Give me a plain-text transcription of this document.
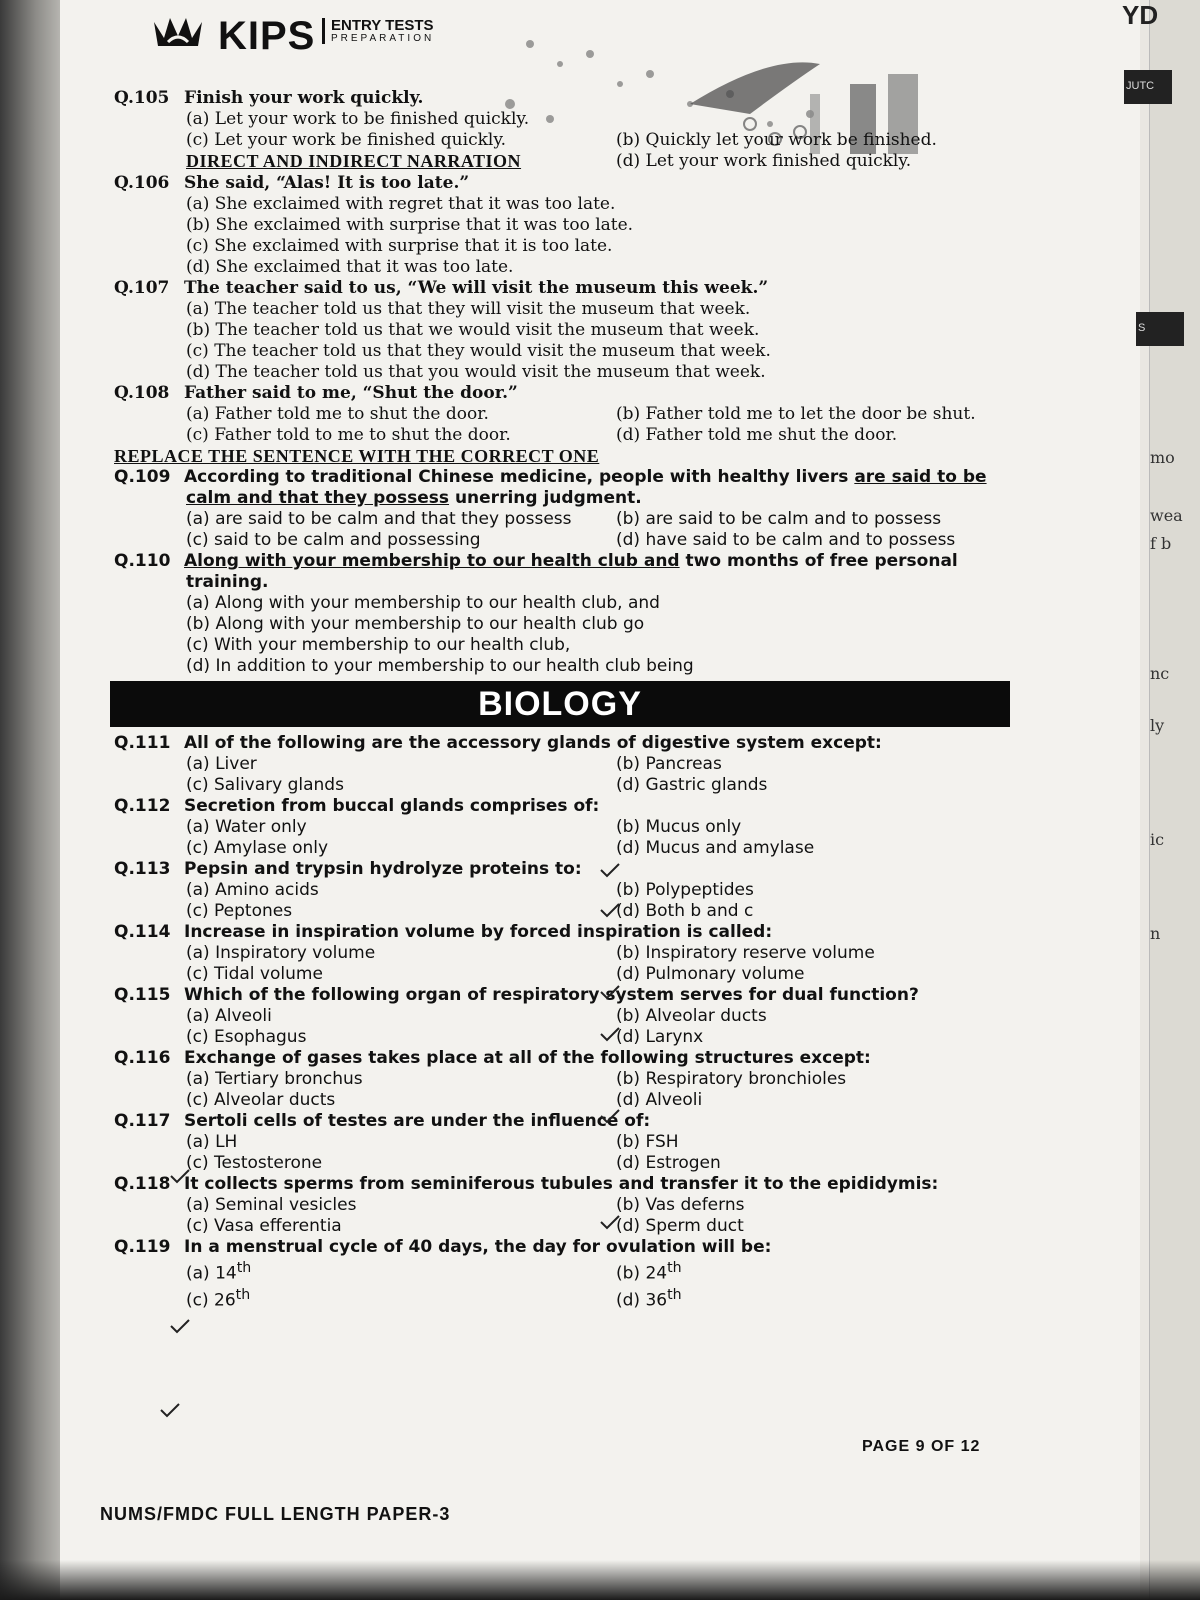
YD
JUTC
S
mo
wea
f b
nc
ly
ic
n
KIPS ENTRY TESTS
PREPARATION
Q.105 Finish your work quickly.
(a) Let your work to be finished quickly.
(c) Let your work be finished quickly.	(b) Quickly let your work be finished.
DIRECT AND INDIRECT NARRATION	(d) Let your work finished quickly.
Q.106 She said, “Alas! It is too late.”
(a) She exclaimed with regret that it was too late.
(b) She exclaimed with surprise that it was too late.
(c) She exclaimed with surprise that it is too late.
(d) She exclaimed that it was too late.
Q.107 The teacher said to us, “We will visit the museum this week.”
(a) The teacher told us that they will visit the museum that week.
(b) The teacher told us that we would visit the museum that week.
(c) The teacher told us that they would visit the museum that week.
(d) The teacher told us that you would visit the museum that week.
Q.108 Father said to me, “Shut the door.”
(a) Father told me to shut the door.	(b) Father told me to let the door be shut.
(c) Father told to me to shut the door.	(d) Father told me shut the door.
REPLACE THE SENTENCE WITH THE CORRECT ONE
Q.109 According to traditional Chinese medicine, people with healthy livers are said to be
calm and that they possess unerring judgment.
(a) are said to be calm and that they possess	(b) are said to be calm and to possess
(c) said to be calm and possessing	(d) have said to be calm and to possess
Q.110 Along with your membership to our health club and two months of free personal
training.
(a) Along with your membership to our health club, and
(b) Along with your membership to our health club go
(c) With your membership to our health club,
(d) In addition to your membership to our health club being
BIOLOGY
Q.111 All of the following are the accessory glands of digestive system except:
(a) Liver	(b) Pancreas
(c) Salivary glands	(d) Gastric glands
Q.112 Secretion from buccal glands comprises of:
(a) Water only	(b) Mucus only
(c) Amylase only	(d) Mucus and amylase
Q.113 Pepsin and trypsin hydrolyze proteins to:
(a) Amino acids	(b) Polypeptides
(c) Peptones	(d) Both b and c
Q.114 Increase in inspiration volume by forced inspiration is called:
(a) Inspiratory volume	(b) Inspiratory reserve volume
(c) Tidal volume	(d) Pulmonary volume
Q.115 Which of the following organ of respiratory system serves for dual function?
(a) Alveoli	(b) Alveolar ducts
(c) Esophagus	(d) Larynx
Q.116 Exchange of gases takes place at all of the following structures except:
(a) Tertiary bronchus	(b) Respiratory bronchioles
(c) Alveolar ducts	(d) Alveoli
Q.117 Sertoli cells of testes are under the influence of:
(a) LH	(b) FSH
(c) Testosterone	(d) Estrogen
Q.118 It collects sperms from seminiferous tubules and transfer it to the epididymis:
(a) Seminal vesicles	(b) Vas deferns
(c) Vasa efferentia	(d) Sperm duct
Q.119 In a menstrual cycle of 40 days, the day for ovulation will be:
(a) 14th	(b) 24th
(c) 26th	(d) 36th
PAGE 9 OF 12
NUMS/FMDC FULL LENGTH PAPER-3
